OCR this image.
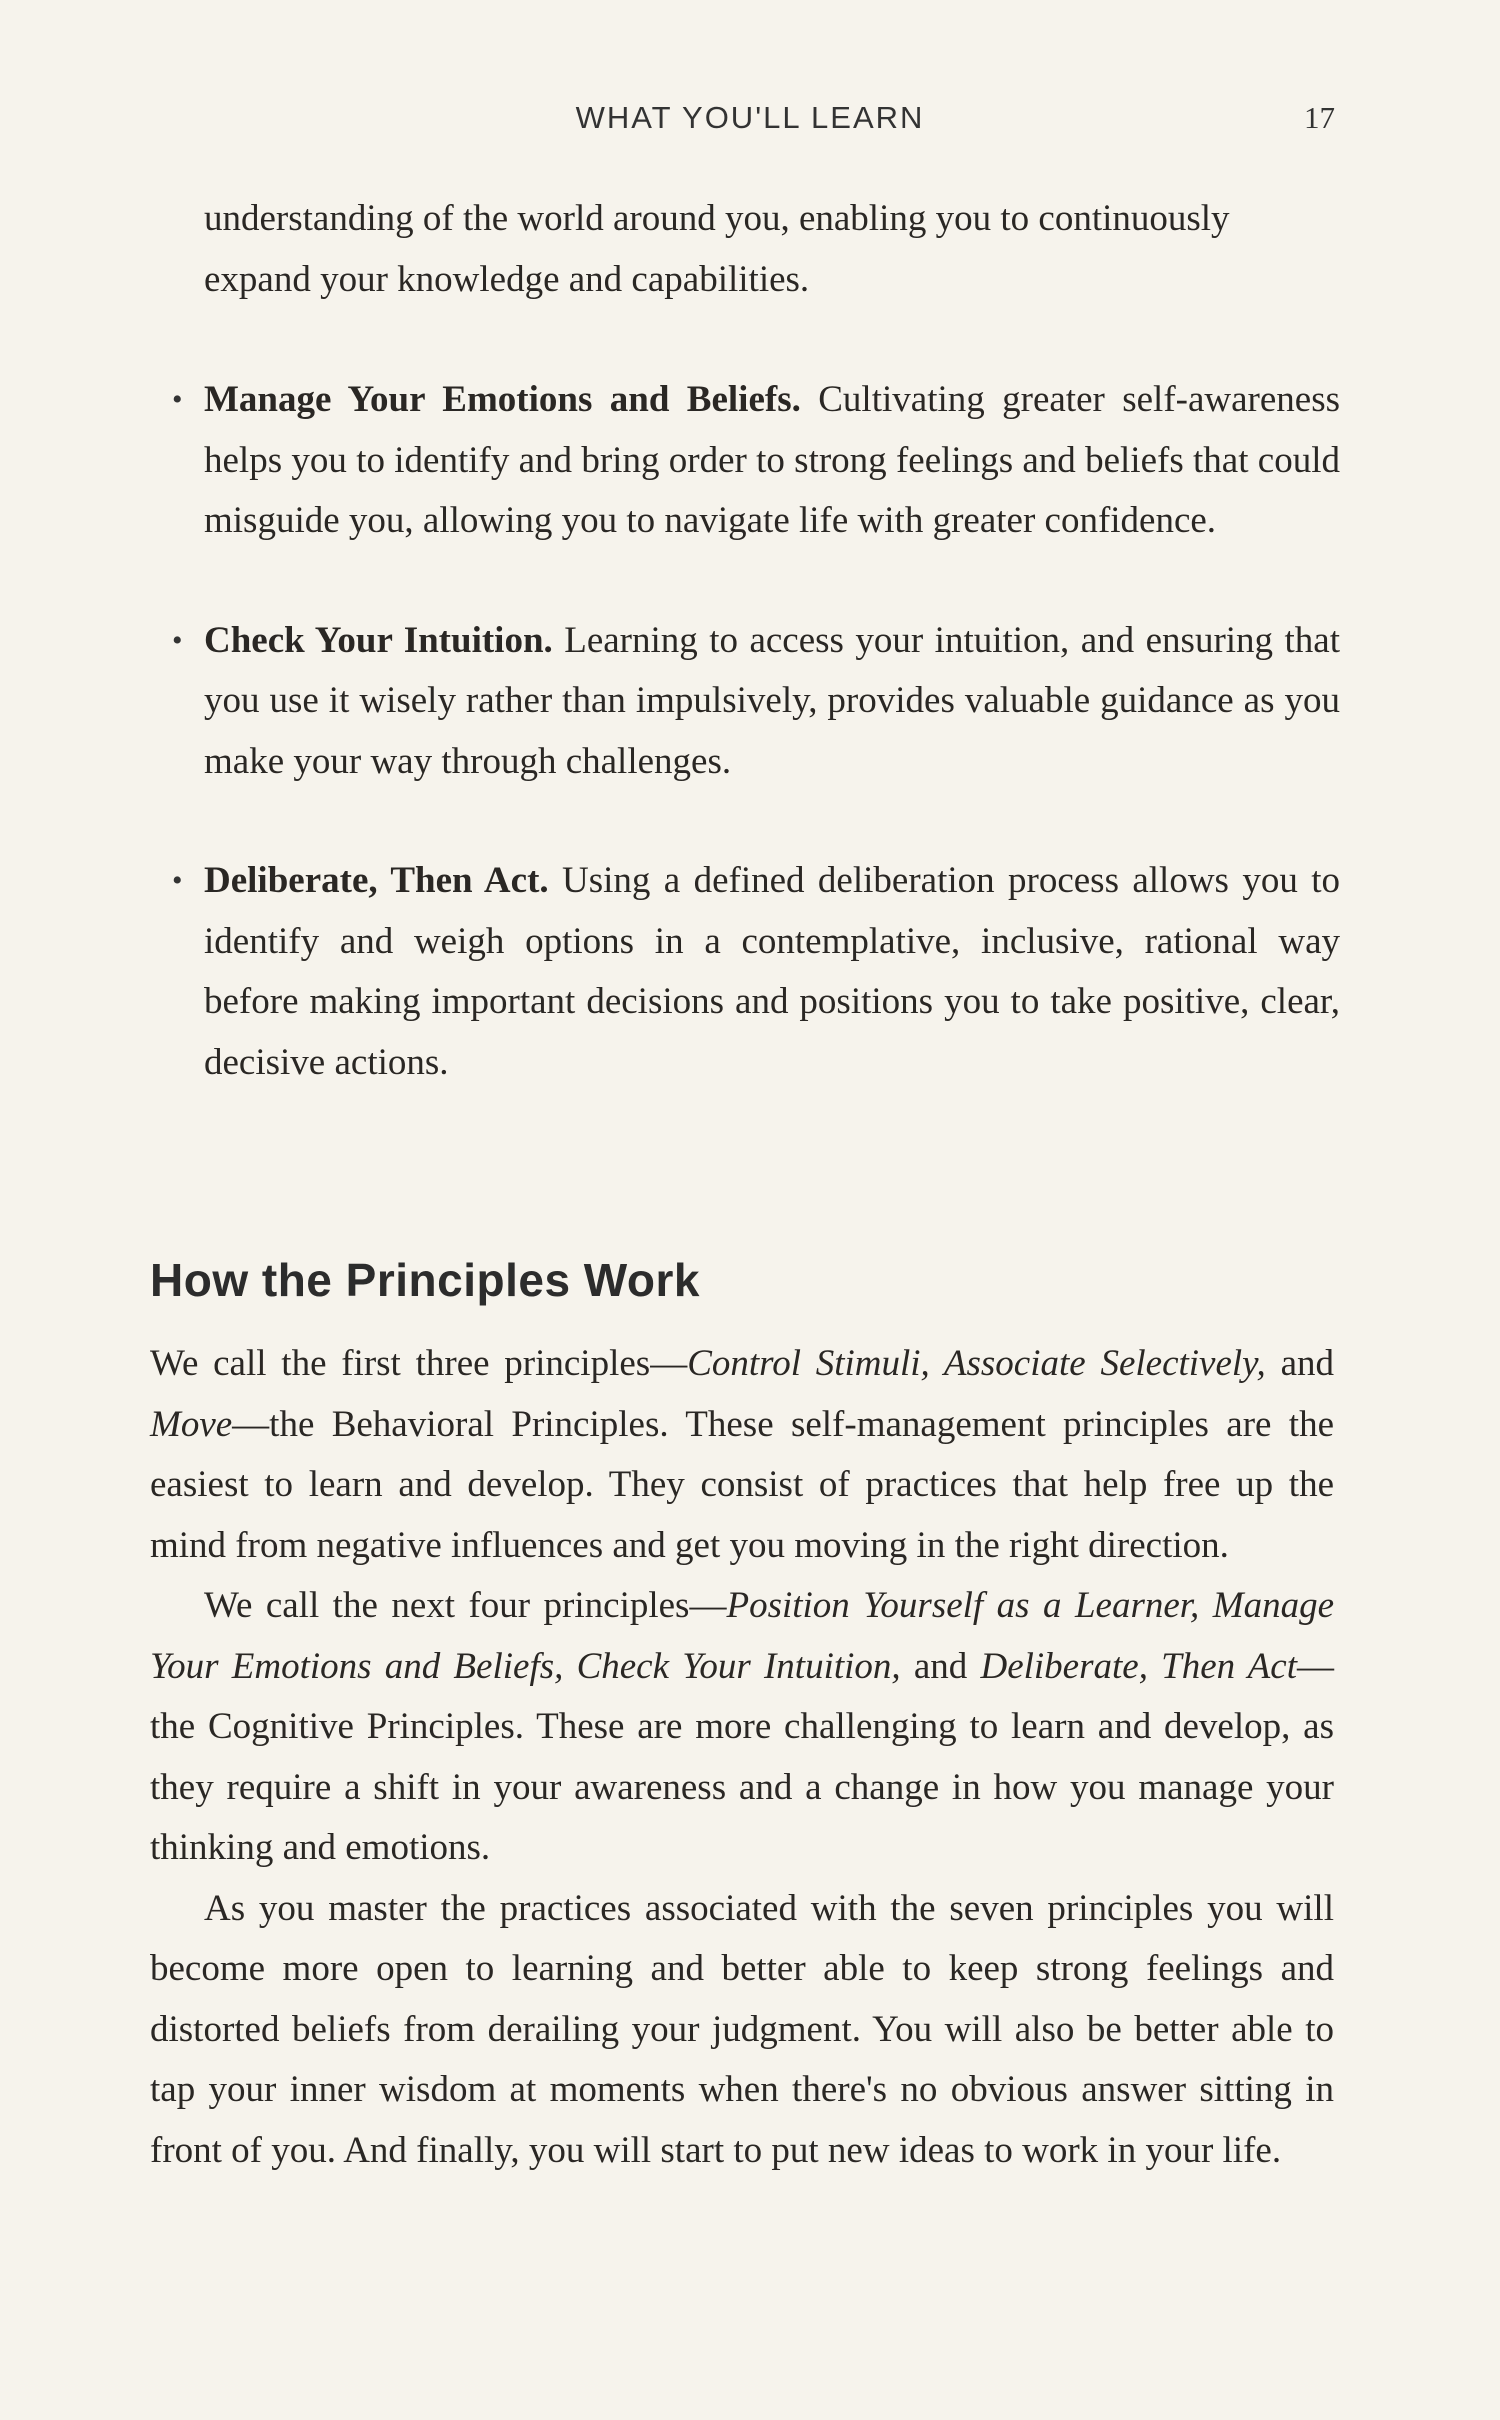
WHAT YOU'LL LEARN	17

understanding of the world around you, enabling you to continuously expand your knowledge and capabilities.

• Manage Your Emotions and Beliefs. Cultivating greater self-awareness helps you to identify and bring order to strong feelings and beliefs that could misguide you, allowing you to navigate life with greater confidence.
• Check Your Intuition. Learning to access your intuition, and ensuring that you use it wisely rather than impulsively, provides valuable guidance as you make your way through challenges.
• Deliberate, Then Act. Using a defined deliberation process allows you to identify and weigh options in a contemplative, inclusive, rational way before making important decisions and positions you to take positive, clear, decisive actions.
How the Principles Work

We call the first three principles—Control Stimuli, Associate Selectively, and Move—the Behavioral Principles. These self-management principles are the easiest to learn and develop. They consist of practices that help free up the mind from negative influences and get you moving in the right direction.

We call the next four principles—Position Yourself as a Learner, Manage Your Emotions and Beliefs, Check Your Intuition, and Deliberate, Then Act—the Cognitive Principles. These are more challenging to learn and develop, as they require a shift in your awareness and a change in how you manage your thinking and emotions.

As you master the practices associated with the seven principles you will become more open to learning and better able to keep strong feelings and distorted beliefs from derailing your judgment. You will also be better able to tap your inner wisdom at moments when there's no obvious answer sitting in front of you. And finally, you will start to put new ideas to work in your life.
